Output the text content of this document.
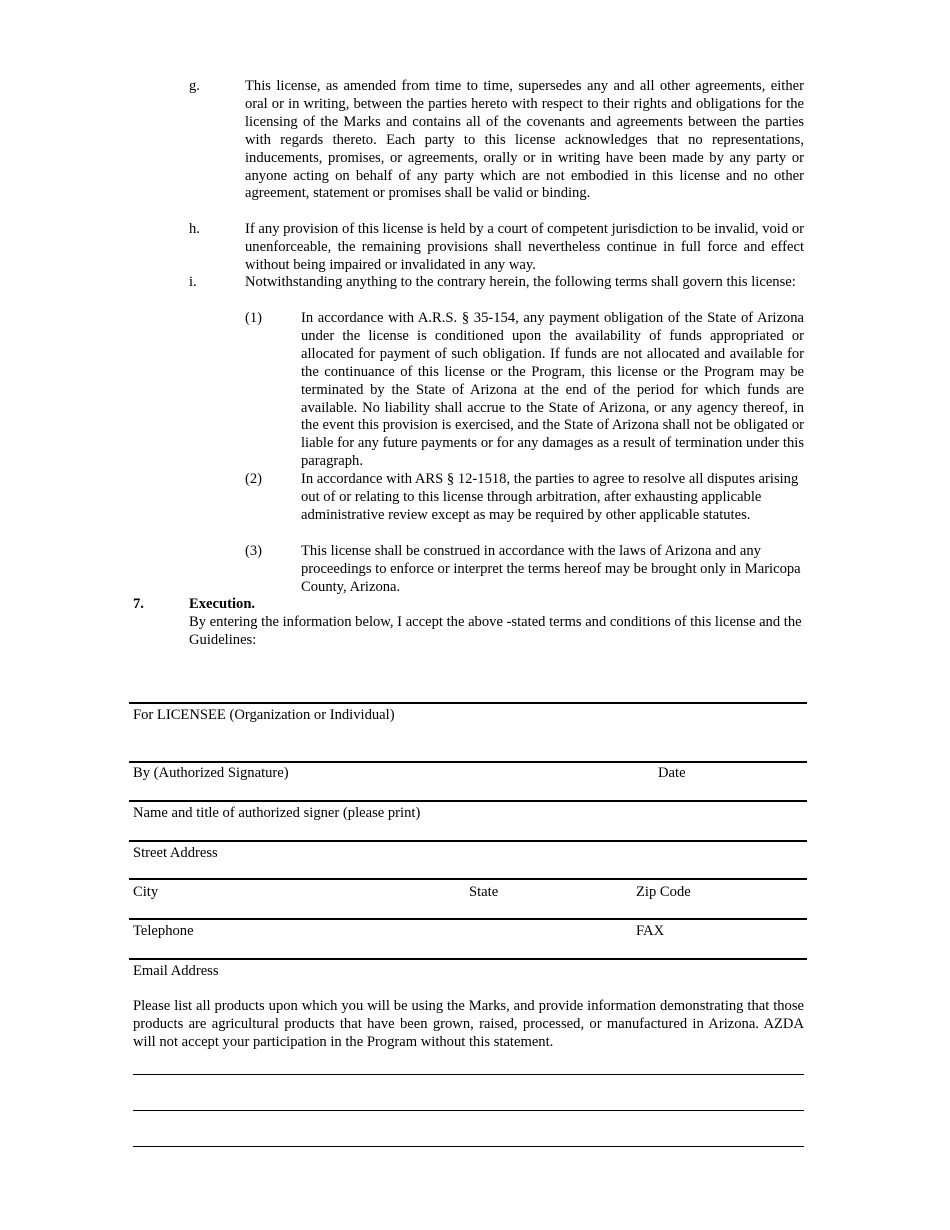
g.	This license, as amended from time to time, supersedes any and all other agreements, either oral or in writing, between the parties hereto with respect to their rights and obligations for the licensing of the Marks and contains all of the covenants and agreements between the parties with regards thereto. Each party to this license acknowledges that no representations, inducements, promises, or agreements, orally or in writing have been made by any party or anyone acting on behalf of any party which are not embodied in this license and no other agreement, statement or promises shall be valid or binding.
h.	If any provision of this license is held by a court of competent jurisdiction to be invalid, void or unenforceable, the remaining provisions shall nevertheless continue in full force and effect without being impaired or invalidated in any way.
i.	Notwithstanding anything to the contrary herein, the following terms shall govern this license:
(1)	In accordance with A.R.S. § 35-154, any payment obligation of the State of Arizona under the license is conditioned upon the availability of funds appropriated or allocated for payment of such obligation. If funds are not allocated and available for the continuance of this license or the Program, this license or the Program may be terminated by the State of Arizona at the end of the period for which funds are available. No liability shall accrue to the State of Arizona, or any agency thereof, in the event this provision is exercised, and the State of Arizona shall not be obligated or liable for any future payments or for any damages as a result of termination under this paragraph.
(2)	In accordance with ARS § 12-1518, the parties to agree to resolve all disputes arising out of or relating to this license through arbitration, after exhausting applicable administrative review except as may be required by other applicable statutes.
(3)	This license shall be construed in accordance with the laws of Arizona and any proceedings to enforce or interpret the terms hereof may be brought only in Maricopa County, Arizona.
7.	Execution.
By entering the information below, I accept the above -stated terms and conditions of this license and the Guidelines:
For LICENSEE (Organization or Individual)
By (Authorized Signature)	Date
Name and title of authorized signer (please print)
Street Address
City	State	Zip Code
Telephone	FAX
Email Address
Please list all products upon which you will be using the Marks, and provide information demonstrating that those products are agricultural products that have been grown, raised, processed, or manufactured in Arizona. AZDA will not accept your participation in the Program without this statement.
